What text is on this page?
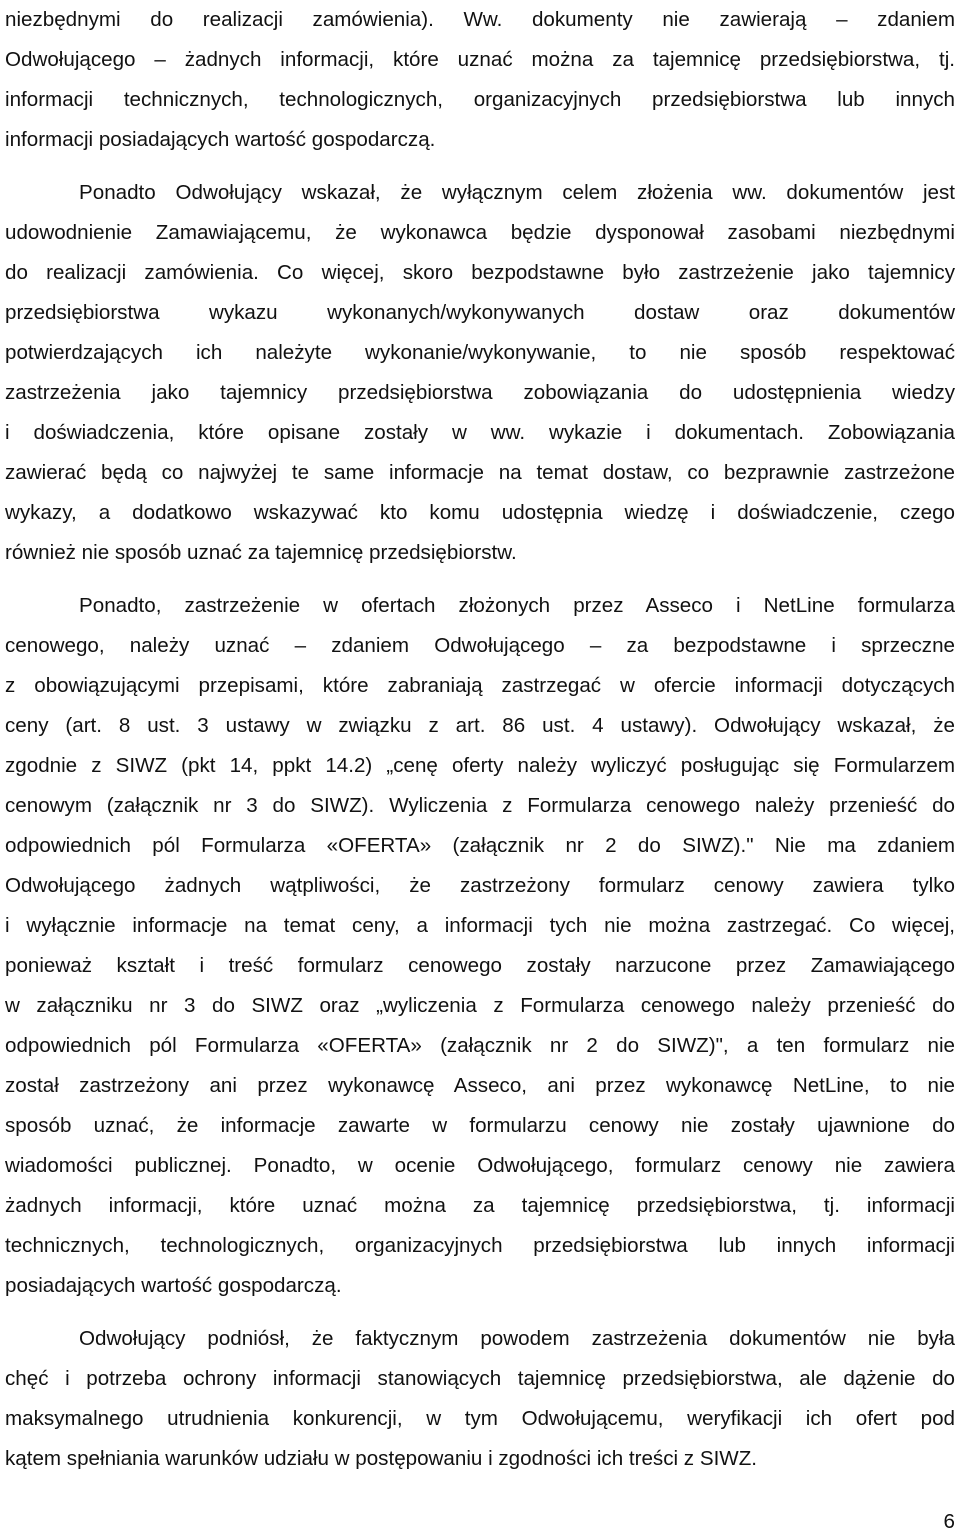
niezbędnymi do realizacji zamówienia). Ww. dokumenty nie zawierają – zdaniem
Odwołującego – żadnych informacji, które uznać można za tajemnicę przedsiębiorstwa, tj.
informacji technicznych, technologicznych, organizacyjnych przedsiębiorstwa lub innych
informacji posiadających wartość gospodarczą.
Ponadto Odwołujący wskazał, że wyłącznym celem złożenia ww. dokumentów jest
udowodnienie Zamawiającemu, że wykonawca będzie dysponował zasobami niezbędnymi
do realizacji zamówienia. Co więcej, skoro bezpodstawne było zastrzeżenie jako tajemnicy
przedsiębiorstwa wykazu wykonanych/wykonywanych dostaw oraz dokumentów
potwierdzających ich należyte wykonanie/wykonywanie, to nie sposób respektować
zastrzeżenia jako tajemnicy przedsiębiorstwa zobowiązania do udostępnienia wiedzy
i doświadczenia, które opisane zostały w ww. wykazie i dokumentach. Zobowiązania
zawierać będą co najwyżej te same informacje na temat dostaw, co bezprawnie zastrzeżone
wykazy, a dodatkowo wskazywać kto komu udostępnia wiedzę i doświadczenie, czego
również nie sposób uznać za tajemnicę przedsiębiorstw.
Ponadto, zastrzeżenie w ofertach złożonych przez Asseco i NetLine formularza
cenowego, należy uznać – zdaniem Odwołującego – za bezpodstawne i sprzeczne
z obowiązującymi przepisami, które zabraniają zastrzegać w ofercie informacji dotyczących
ceny (art. 8 ust. 3 ustawy w związku z art. 86 ust. 4 ustawy). Odwołujący wskazał, że
zgodnie z SIWZ (pkt 14, ppkt 14.2) „cenę oferty należy wyliczyć posługując się Formularzem
cenowym (załącznik nr 3 do SIWZ). Wyliczenia z Formularza cenowego należy przenieść do
odpowiednich pól Formularza «OFERTA» (załącznik nr 2 do SIWZ)." Nie ma zdaniem
Odwołującego żadnych wątpliwości, że zastrzeżony formularz cenowy zawiera tylko
i wyłącznie informacje na temat ceny, a informacji tych nie można zastrzegać. Co więcej,
ponieważ kształt i treść formularz cenowego zostały narzucone przez Zamawiającego
w załączniku nr 3 do SIWZ oraz „wyliczenia z Formularza cenowego należy przenieść do
odpowiednich pól Formularza «OFERTA» (załącznik nr 2 do SIWZ)", a ten formularz nie
został zastrzeżony ani przez wykonawcę Asseco, ani przez wykonawcę NetLine, to nie
sposób uznać, że informacje zawarte w formularzu cenowy nie zostały ujawnione do
wiadomości publicznej. Ponadto, w ocenie Odwołującego, formularz cenowy nie zawiera
żadnych informacji, które uznać można za tajemnicę przedsiębiorstwa, tj. informacji
technicznych, technologicznych, organizacyjnych przedsiębiorstwa lub innych informacji
posiadających wartość gospodarczą.
Odwołujący podniósł, że faktycznym powodem zastrzeżenia dokumentów nie była
chęć i potrzeba ochrony informacji stanowiących tajemnicę przedsiębiorstwa, ale dążenie do
maksymalnego utrudnienia konkurencji, w tym Odwołującemu, weryfikacji ich ofert pod
kątem spełniania warunków udziału w postępowaniu i zgodności ich treści z SIWZ.
6
